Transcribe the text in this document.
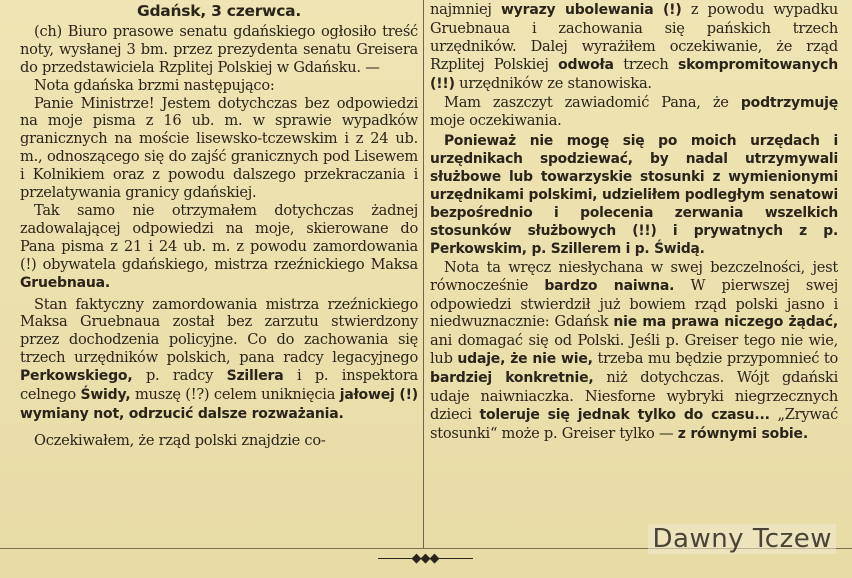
Gdańsk, 3 czerwca.

(ch) Biuro prasowe senatu gdańskiego ogłosiło treść noty, wysłanej 3 bm. przez prezydenta senatu Greisera do przedstawiciela Rzplitej Polskiej w Gdańsku. —

Nota gdańska brzmi następująco:

Panie Ministrze! Jestem dotychczas bez odpowiedzi na moje pisma z 16 ub. m. w sprawie wypadków granicznych na moście lisewsko-tczewskim i z 24 ub. m., odnoszącego się do zajść granicznych pod Lisewem i Kolnikiem oraz z powodu dalszego przekraczania i przelatywania granicy gdańskiej.

Tak samo nie otrzymałem dotychczas żadnej zadowalającej odpowiedzi na moje, skierowane do Pana pisma z 21 i 24 ub. m. z powodu zamordowania (!) obywatela gdańskiego, mistrza rzeźnickiego Maksa Gruebnaua.

Stan faktyczny zamordowania mistrza rzeźnickiego Maksa Gruebnaua został bez zarzutu stwierdzony przez dochodzenia policyjne. Co do zachowania się trzech urzędników polskich, pana radcy legacyjnego Perkowskiego, p. radcy Szillera i p. inspektora celnego Świdy, muszę (!?) celem uniknięcia jałowej (!) wymiany not, odrzucić dalsze rozważania.

Oczekiwałem, że rząd polski znajdzie co-

najmniej wyrazy ubolewania (!) z powodu wypadku Gruebnaua i zachowania się pańskich trzech urzędników. Dalej wyrażiłem oczekiwanie, że rząd Rzplitej Polskiej odwoła trzech skompromitowanych (!!) urzędników ze stanowiska.

Mam zaszczyt zawiadomić Pana, że podtrzymuję moje oczekiwania.

Ponieważ nie mogę się po moich urzędach i urzędnikach spodziewać, by nadal utrzymywali służbowe lub towarzyskie stosunki z wymienionymi urzędnikami polskimi, udzieliłem podległym senatowi bezpośrednio i polecenia zerwania wszelkich stosunków służbowych (!!) i prywatnych z p. Perkowskim, p. Szillerem i p. Świdą.

Nota ta wręcz niesłychana w swej bezczelności, jest równocześnie bardzo naiwna. W pierwszej swej odpowiedzi stwierdził już bowiem rząd polski jasno i niedwuznacznie: Gdańsk nie ma prawa niczego żądać, ani domagać się od Polski. Jeśli p. Greiser tego nie wie, lub udaje, że nie wie, trzeba mu będzie przypomnieć to bardziej konkretnie, niż dotychczas. Wójt gdański udaje naiwniaczka. Niesforne wybryki niegrzecznych dzieci toleruje się jednak tylko do czasu... „Zrywać stosunki“ może p. Greiser tylko — z równymi sobie.

◆◆◆
Dawny Tczew
